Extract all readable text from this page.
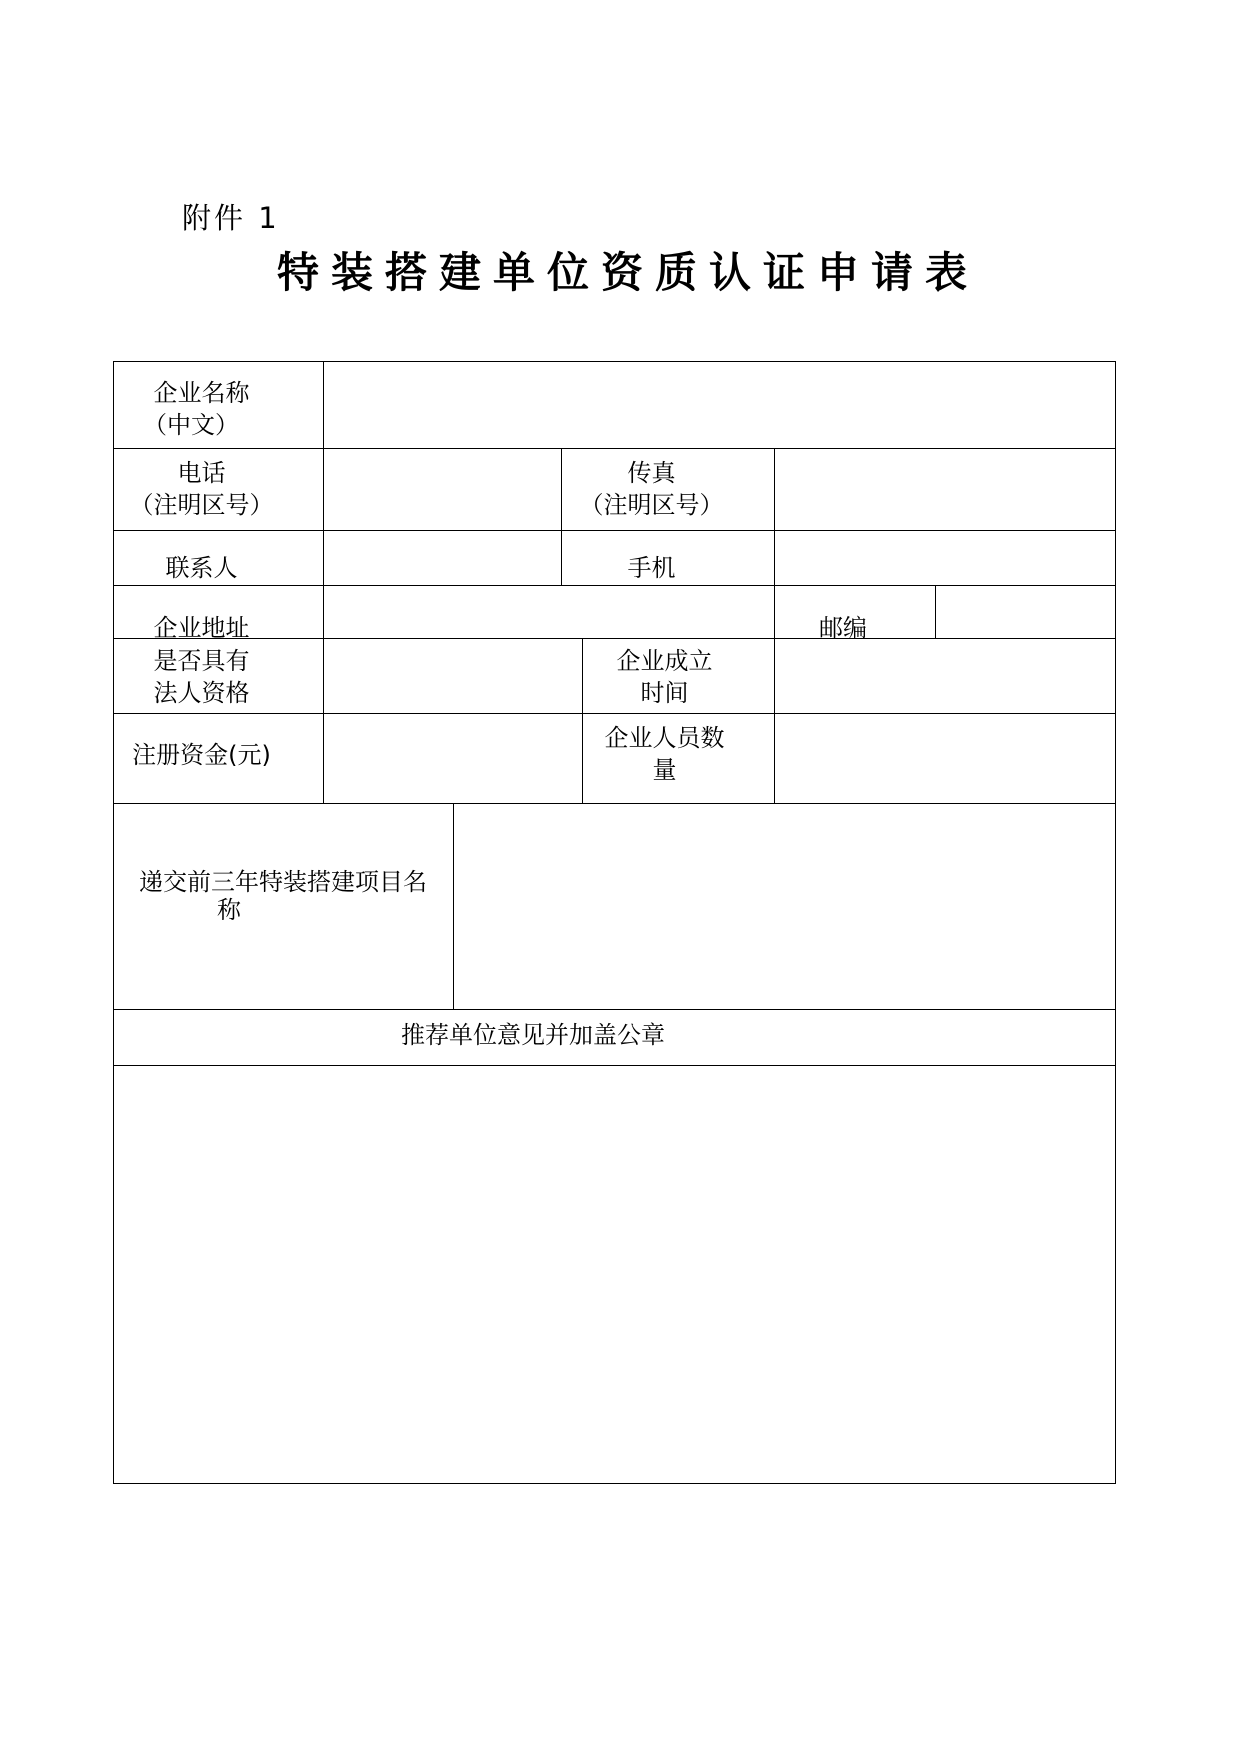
附件 1
特装搭建单位资质认证申请表
企业名称
（中文）
电话
（注明区号）
传真
（注明区号）
联系人	手机
企业地址	邮编
是否具有
法人资格
企业成立
时间
注册资金(元)
企业人员数
量
递交前三年特装搭建项目名
称
推荐单位意见并加盖公章
